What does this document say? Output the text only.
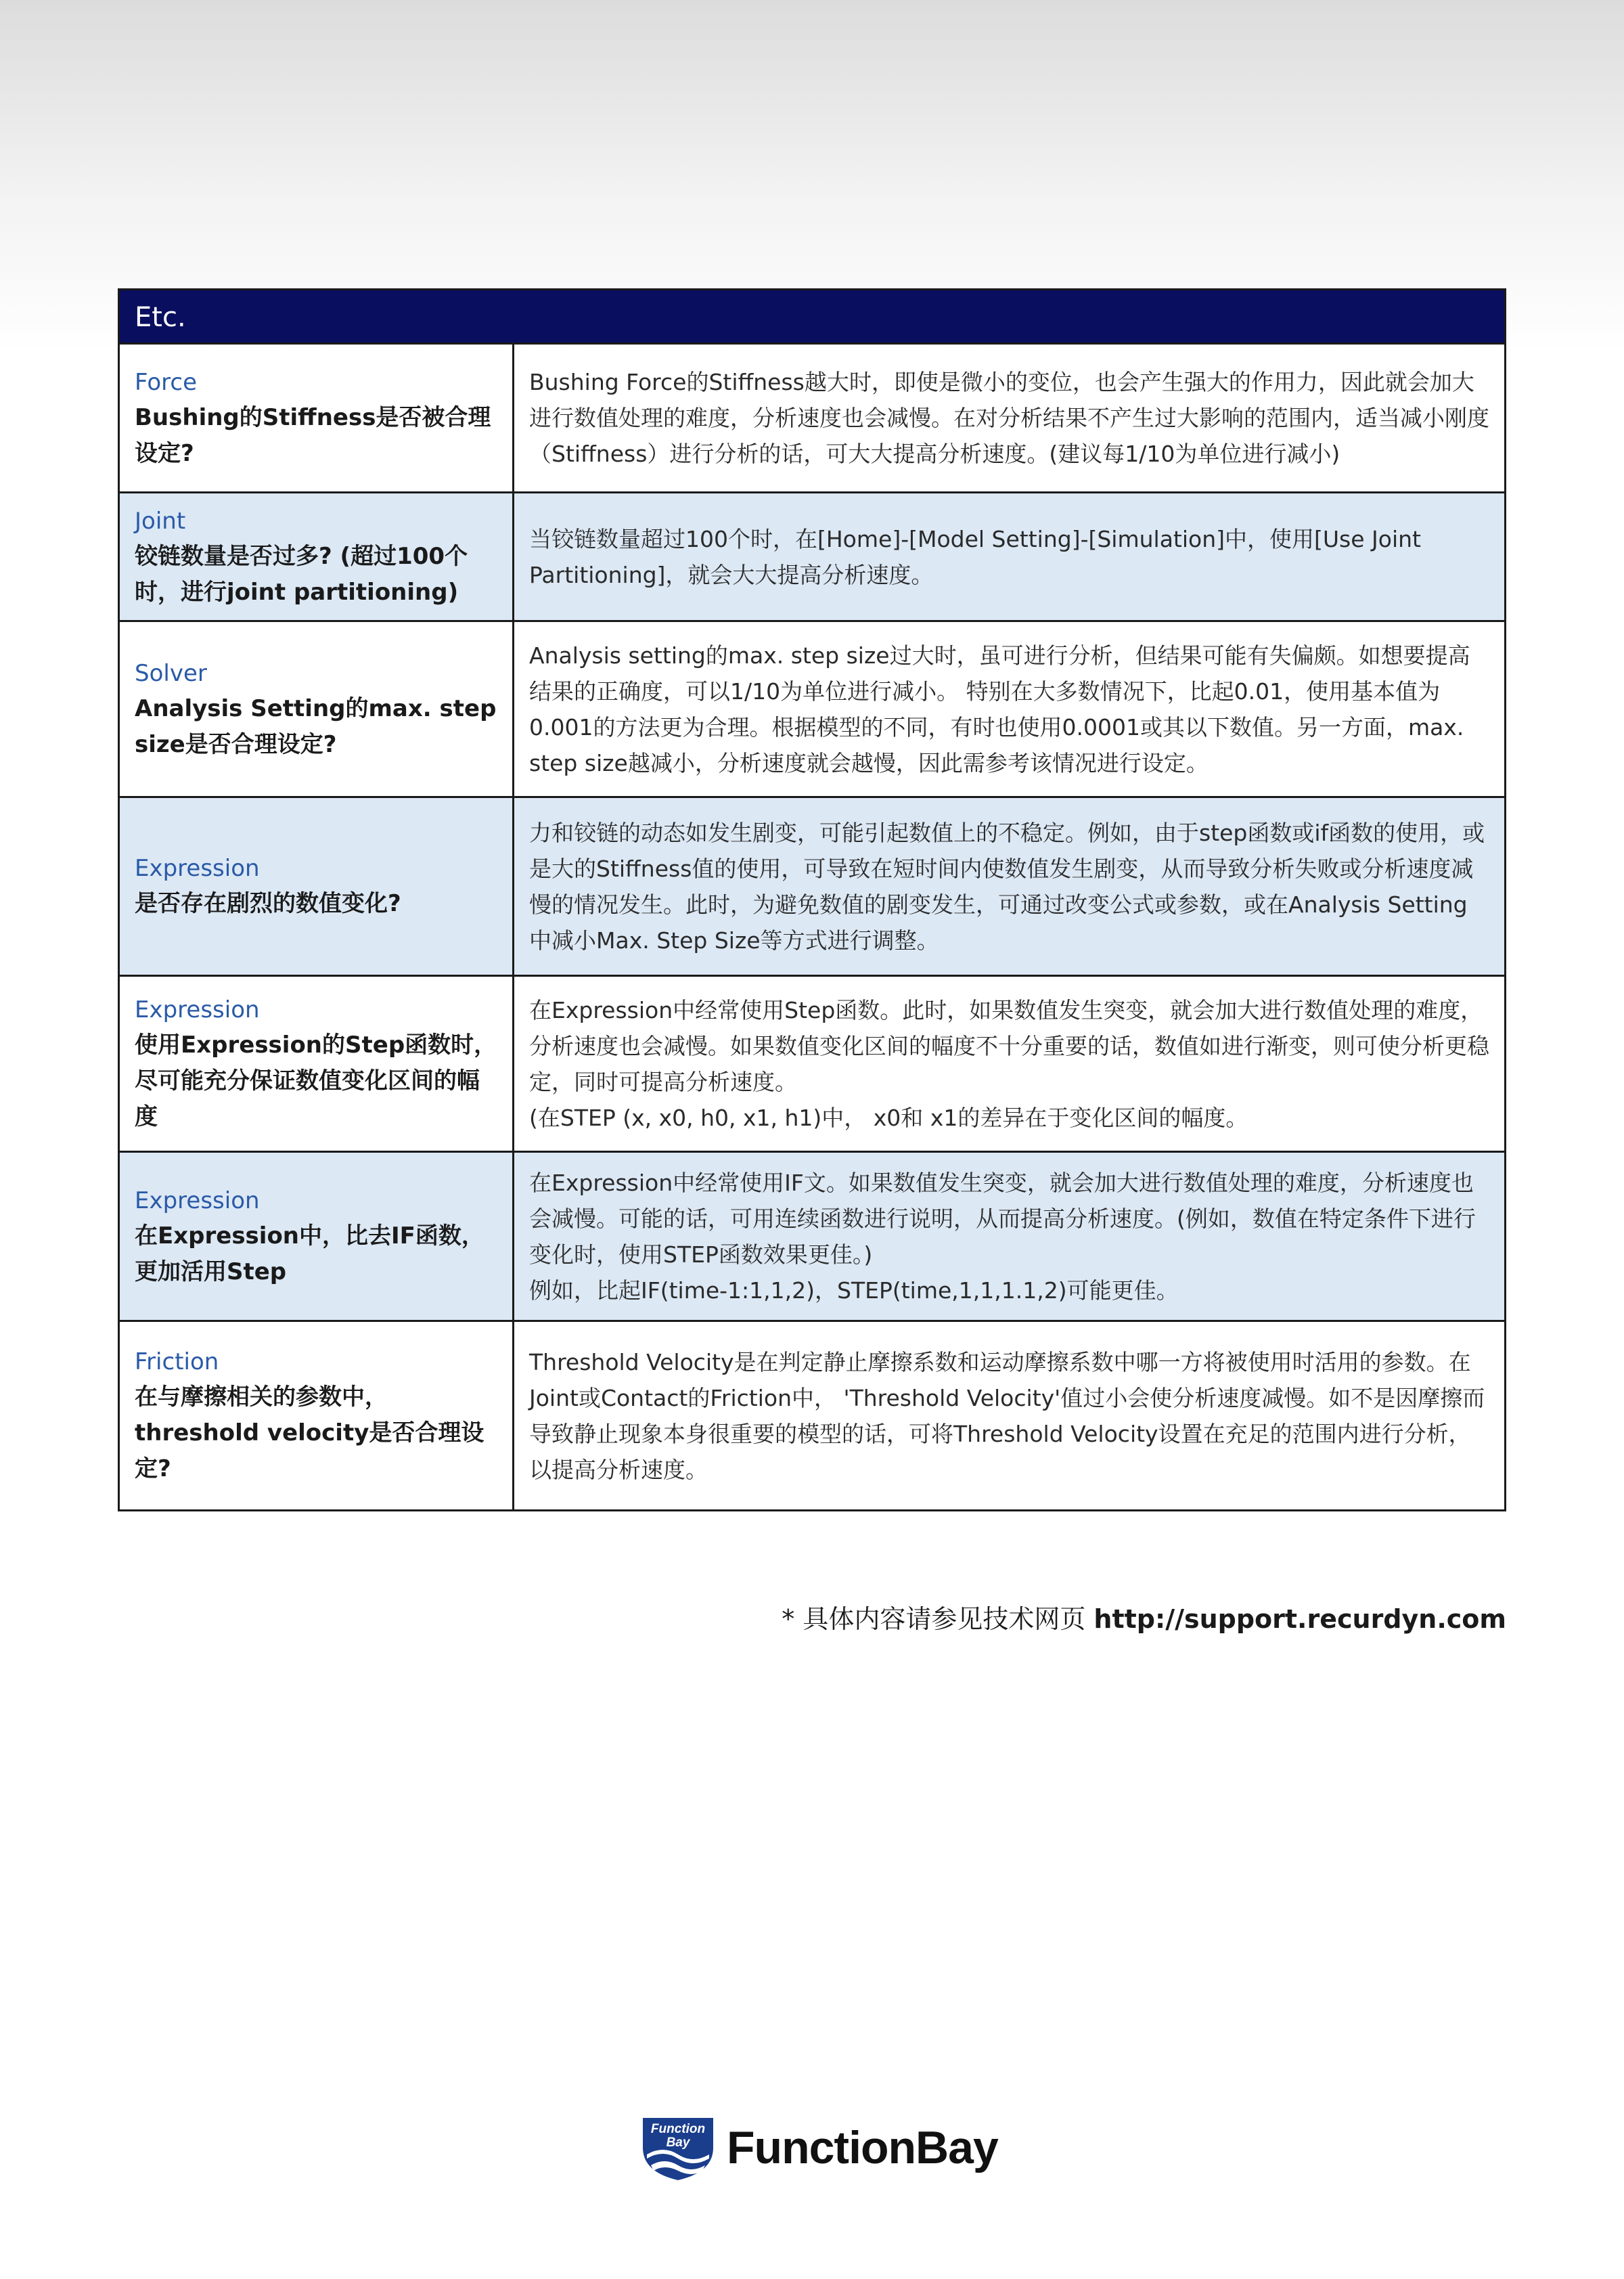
Etc.
Force
Bushing的Stiffness是否被合理设定?

Bushing Force的Stiffness越大时，即使是微小的变位，也会产生强大的作用力，因此就会加大进行数值处理的难度，分析速度也会减慢。在对分析结果不产生过大影响的范围内，适当减小刚度（Stiffness）进行分析的话，可大大提高分析速度。(建议每1/10为单位进行减小)

Joint
铰链数量是否过多? (超过100个时，进行joint partitioning)

当铰链数量超过100个时，在[Home]-[Model Setting]-[Simulation]中，使用[Use Joint Partitioning]，就会大大提高分析速度。

Solver
Analysis Setting的max. step size是否合理设定?

Analysis setting的max. step size过大时，虽可进行分析，但结果可能有失偏颇。如想要提高结果的正确度，可以1/10为单位进行减小。 特别在大多数情况下，比起0.01，使用基本值为0.001的方法更为合理。根据模型的不同，有时也使用0.0001或其以下数值。另一方面，max. step size越减小，分析速度就会越慢，因此需参考该情况进行设定。

Expression
是否存在剧烈的数值变化?

力和铰链的动态如发生剧变，可能引起数值上的不稳定。例如，由于step函数或if函数的使用，或是大的Stiffness值的使用，可导致在短时间内使数值发生剧变，从而导致分析失败或分析速度减慢的情况发生。此时，为避免数值的剧变发生，可通过改变公式或参数，或在Analysis Setting中减小Max. Step Size等方式进行调整。

Expression
使用Expression的Step函数时，尽可能充分保证数值变化区间的幅度

在Expression中经常使用Step函数。此时，如果数值发生突变，就会加大进行数值处理的难度，分析速度也会减慢。如果数值变化区间的幅度不十分重要的话，数值如进行渐变，则可使分析更稳定，同时可提高分析速度。

(在STEP (x, x0, h0, x1, h1)中， x0和 x1的差异在于变化区间的幅度。

Expression
在Expression中，比去IF函数，更加活用Step

在Expression中经常使用IF文。如果数值发生突变，就会加大进行数值处理的难度，分析速度也会减慢。可能的话，可用连续函数进行说明，从而提高分析速度。(例如，数值在特定条件下进行变化时，使用STEP函数效果更佳。)

例如，比起IF(time-1:1,1,2)，STEP(time,1,1,1.1,2)可能更佳。

Friction
在与摩擦相关的参数中，threshold velocity是否合理设定?

Threshold Velocity是在判定静止摩擦系数和运动摩擦系数中哪一方将被使用时活用的参数。在Joint或Contact的Friction中， 'Threshold Velocity'值过小会使分析速度减慢。如不是因摩擦而导致静止现象本身很重要的模型的话，可将Threshold Velocity设置在充足的范围内进行分析，以提高分析速度。

* 具体内容请参见技术网页 http://support.recurdyn.com
Function
Bay FunctionBay
